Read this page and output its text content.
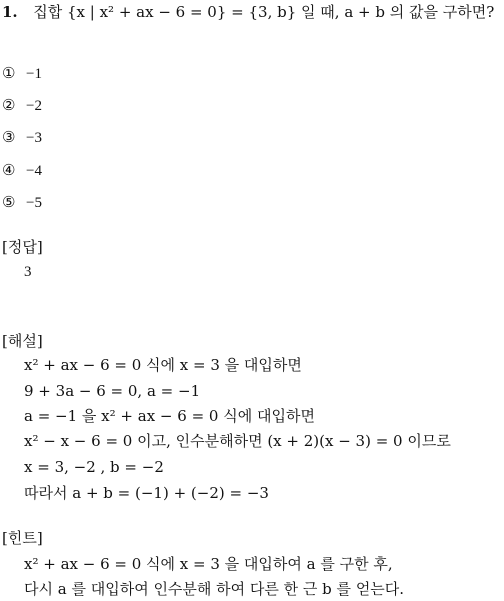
1. 집합 {x | x² + ax − 6 = 0} = {3, b} 일 때, a + b 의 값을 구하면?
① −1
② −2
③ −3
④ −4
⑤ −5
[정답]
3
[해설]
x² + ax − 6 = 0 식에 x = 3 을 대입하면
9 + 3a − 6 = 0, a = −1
a = −1 을 x² + ax − 6 = 0 식에 대입하면
x² − x − 6 = 0 이고, 인수분해하면 (x + 2)(x − 3) = 0 이므로
x = 3, −2 , b = −2
따라서 a + b = (−1) + (−2) = −3
[힌트]
x² + ax − 6 = 0 식에 x = 3 을 대입하여 a 를 구한 후,
다시 a 를 대입하여 인수분해 하여 다른 한 근 b 를 얻는다.
